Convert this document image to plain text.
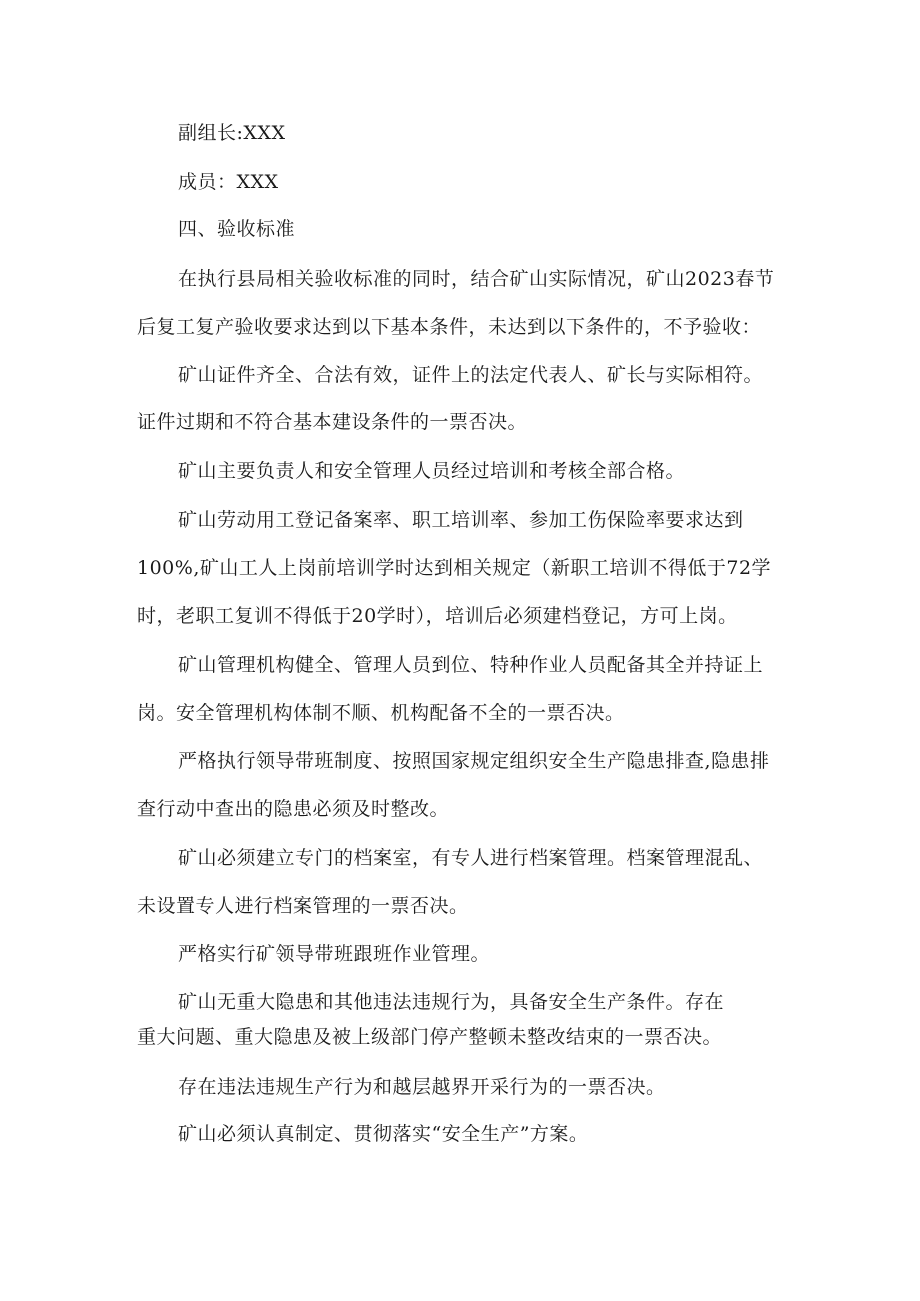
副组长:XXX
成员：XXX
四、验收标准
在执行县局相关验收标准的同时，结合矿山实际情况，矿山2023春节
后复工复产验收要求达到以下基本条件，未达到以下条件的，不予验收：
矿山证件齐全、合法有效，证件上的法定代表人、矿长与实际相符。
证件过期和不符合基本建设条件的一票否决。
矿山主要负责人和安全管理人员经过培训和考核全部合格。
矿山劳动用工登记备案率、职工培训率、参加工伤保险率要求达到
100%,矿山工人上岗前培训学时达到相关规定（新职工培训不得低于72学
时，老职工复训不得低于20学时），培训后必须建档登记，方可上岗。
矿山管理机构健全、管理人员到位、特种作业人员配备其全并持证上
岗。安全管理机构体制不顺、机构配备不全的一票否决。
严格执行领导带班制度、按照国家规定组织安全生产隐患排查,隐患排
查行动中查出的隐患必须及时整改。
矿山必须建立专门的档案室，有专人进行档案管理。档案管理混乱、
未设置专人进行档案管理的一票否决。
严格实行矿领导带班跟班作业管理。
矿山无重大隐患和其他违法违规行为，具备安全生产条件。存在
重大问题、重大隐患及被上级部门停产整顿未整改结束的一票否决。
存在违法违规生产行为和越层越界开采行为的一票否决。
矿山必须认真制定、贯彻落实“安全生产”方案。
